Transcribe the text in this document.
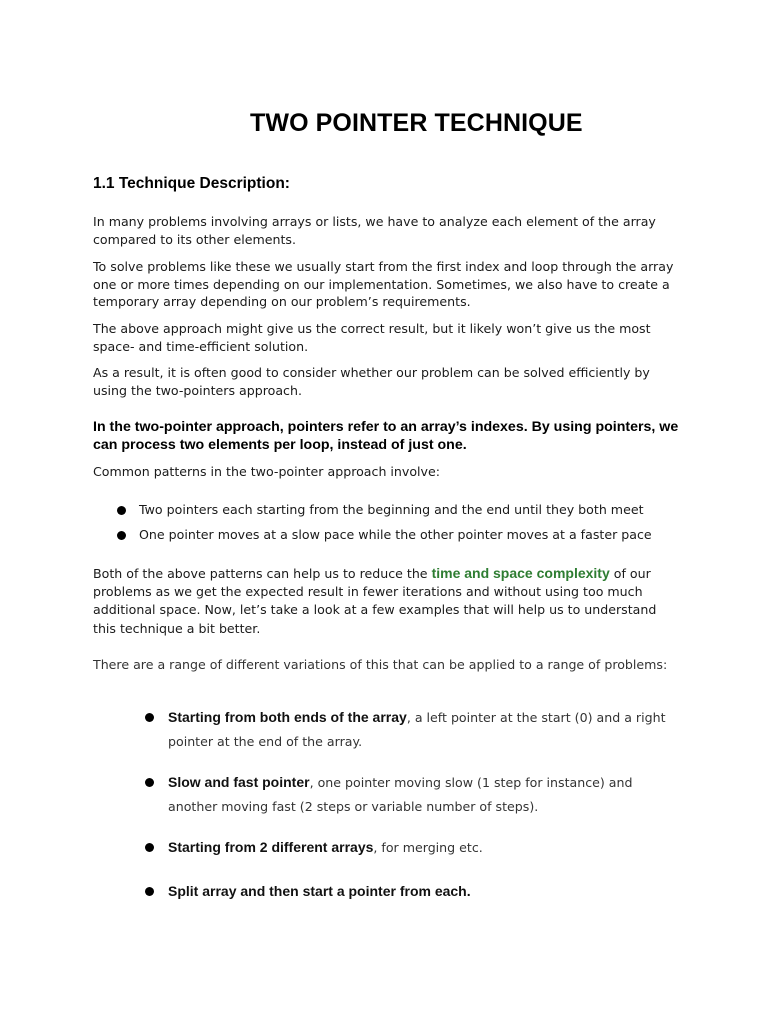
TWO POINTER TECHNIQUE
1.1 Technique Description:

In many problems involving arrays or lists, we have to analyze each element of the array compared to its other elements.

To solve problems like these we usually start from the first index and loop through the array one or more times depending on our implementation. Sometimes, we also have to create a temporary array depending on our problem’s requirements.

The above approach might give us the correct result, but it likely won’t give us the most space- and time-efficient solution.

As a result, it is often good to consider whether our problem can be solved efficiently by using the two-pointers approach.

In the two-pointer approach, pointers refer to an array’s indexes. By using pointers, we can process two elements per loop, instead of just one.

Common patterns in the two-pointer approach involve:

Two pointers each starting from the beginning and the end until they both meet
One pointer moves at a slow pace while the other pointer moves at a faster pace

Both of the above patterns can help us to reduce the time and space complexity of our problems as we get the expected result in fewer iterations and without using too much additional space. Now, let’s take a look at a few examples that will help us to understand this technique a bit better.

There are a range of different variations of this that can be applied to a range of problems:

Starting from both ends of the array, a left pointer at the start (0) and a right pointer at the end of the array.
Slow and fast pointer, one pointer moving slow (1 step for instance) and another moving fast (2 steps or variable number of steps).
Starting from 2 different arrays, for merging etc.
Split array and then start a pointer from each.
